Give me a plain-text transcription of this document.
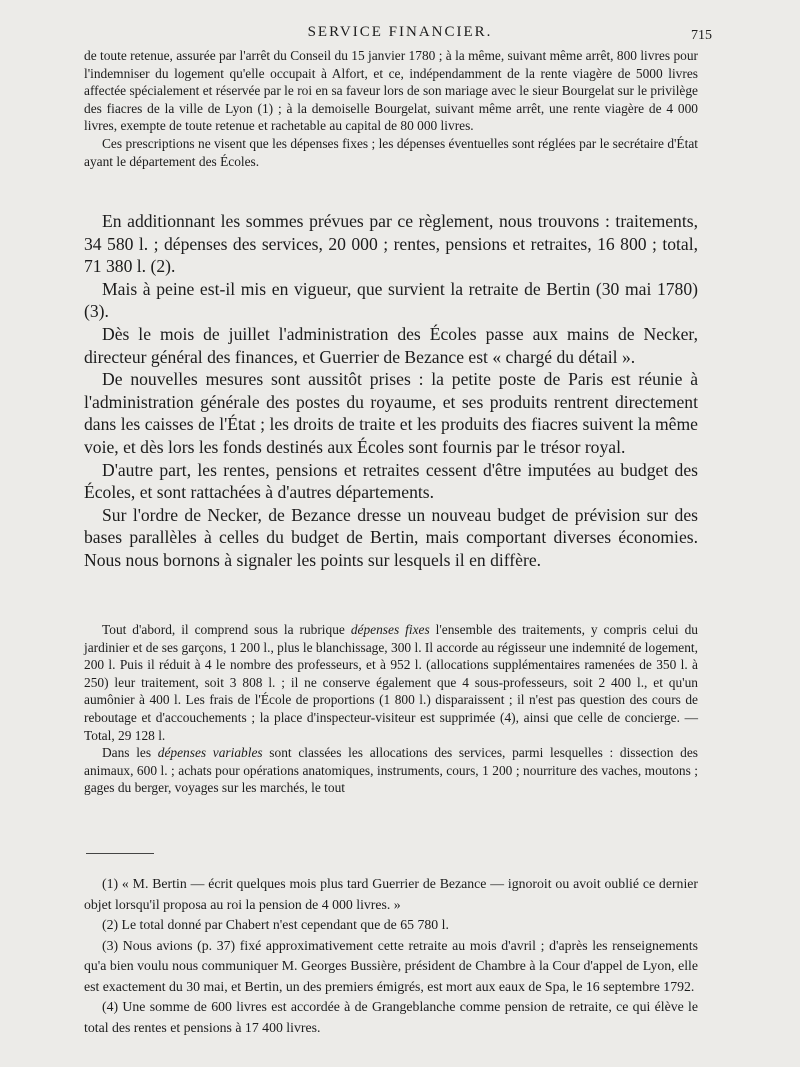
SERVICE FINANCIER.	715

de toute retenue, assurée par l'arrêt du Conseil du 15 janvier 1780 ; à la même, suivant même arrêt, 800 livres pour l'indemniser du logement qu'elle occupait à Alfort, et ce, indépendamment de la rente viagère de 5000 livres affectée spécialement et réservée par le roi en sa faveur lors de son mariage avec le sieur Bourgelat sur le privilège des fiacres de la ville de Lyon (1) ; à la demoiselle Bourgelat, suivant même arrêt, une rente viagère de 4 000 livres, exempte de toute retenue et rachetable au capital de 80 000 livres.

Ces prescriptions ne visent que les dépenses fixes ; les dépenses éventuelles sont réglées par le secrétaire d'État ayant le département des Écoles.

En additionnant les sommes prévues par ce règlement, nous trouvons : traitements, 34 580 l. ; dépenses des services, 20 000 ; rentes, pensions et retraites, 16 800 ; total, 71 380 l. (2).

Mais à peine est-il mis en vigueur, que survient la retraite de Bertin (30 mai 1780) (3).

Dès le mois de juillet l'administration des Écoles passe aux mains de Necker, directeur général des finances, et Guerrier de Bezance est « chargé du détail ».

De nouvelles mesures sont aussitôt prises : la petite poste de Paris est réunie à l'administration générale des postes du royaume, et ses produits rentrent directement dans les caisses de l'État ; les droits de traite et les produits des fiacres suivent la même voie, et dès lors les fonds destinés aux Écoles sont fournis par le trésor royal.

D'autre part, les rentes, pensions et retraites cessent d'être imputées au budget des Écoles, et sont rattachées à d'autres départements.

Sur l'ordre de Necker, de Bezance dresse un nouveau budget de prévision sur des bases parallèles à celles du budget de Bertin, mais comportant diverses économies. Nous nous bornons à signaler les points sur lesquels il en diffère.

Tout d'abord, il comprend sous la rubrique dépenses fixes l'ensemble des traitements, y compris celui du jardinier et de ses garçons, 1 200 l., plus le blanchissage, 300 l. Il accorde au régisseur une indemnité de logement, 200 l. Puis il réduit à 4 le nombre des professeurs, et à 952 l. (allocations supplémentaires ramenées de 350 l. à 250) leur traitement, soit 3 808 l. ; il ne conserve également que 4 sous-professeurs, soit 2 400 l., et qu'un aumônier à 400 l. Les frais de l'École de proportions (1 800 l.) disparaissent ; il n'est pas question des cours de reboutage et d'accouchements ; la place d'inspecteur-visiteur est supprimée (4), ainsi que celle de concierge. — Total, 29 128 l.

Dans les dépenses variables sont classées les allocations des services, parmi lesquelles : dissection des animaux, 600 l. ; achats pour opérations anatomiques, instruments, cours, 1 200 ; nourriture des vaches, moutons ; gages du berger, voyages sur les marchés, le tout

(1) « M. Bertin — écrit quelques mois plus tard Guerrier de Bezance — ignoroit ou avoit oublié ce dernier objet lorsqu'il proposa au roi la pension de 4 000 livres. »

(2) Le total donné par Chabert n'est cependant que de 65 780 l.

(3) Nous avions (p. 37) fixé approximativement cette retraite au mois d'avril ; d'après les renseignements qu'a bien voulu nous communiquer M. Georges Bussière, président de Chambre à la Cour d'appel de Lyon, elle est exactement du 30 mai, et Bertin, un des premiers émigrés, est mort aux eaux de Spa, le 16 septembre 1792.

(4) Une somme de 600 livres est accordée à de Grangeblanche comme pension de retraite, ce qui élève le total des rentes et pensions à 17 400 livres.
